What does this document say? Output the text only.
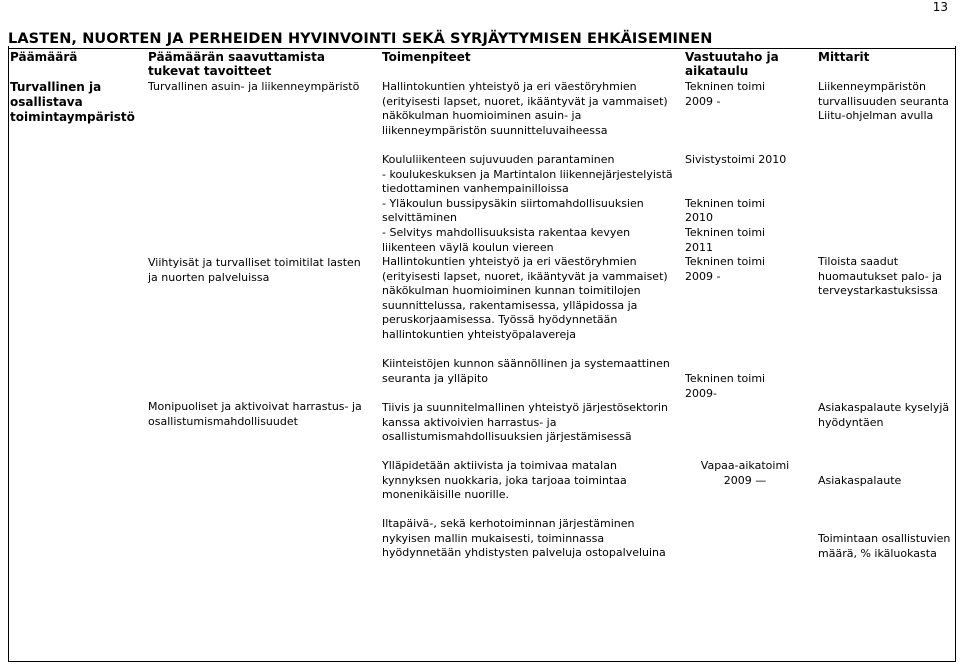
13
LASTEN, NUORTEN JA PERHEIDEN HYVINVOINTI SEKÄ SYRJÄYTYMISEN EHKÄISEMINEN
Päämäärä	Päämäärän saavuttamista tukevat tavoitteet
Toimenpiteet	Vastuutaho ja aikataulu
Mittarit
Turvallinen ja osallistava toimintaympäristö
Turvallinen asuin- ja liikenneympäristö
Viihtyisät ja turvalliset toimitilat lasten ja nuorten palveluissa
Monipuoliset ja aktivoivat harrastus- ja osallistumismahdollisuudet
Hallintokuntien yhteistyö ja eri väestöryhmien (erityisesti lapset, nuoret, ikääntyvät ja vammaiset) näkökulman huomioiminen asuin- ja liikenneympäristön suunnitteluvaiheessa
Koululiikenteen sujuvuuden parantaminen
- koulukeskuksen ja Martintalon liikennejärjestelyistä tiedottaminen vanhempainilloissa
- Yläkoulun bussipysäkin siirtomahdollisuuksien selvittäminen
- Selvitys mahdollisuuksista rakentaa kevyen liikenteen väylä koulun viereen
Hallintokuntien yhteistyö ja eri väestöryhmien (erityisesti lapset, nuoret, ikääntyvät ja vammaiset) näkökulman huomioiminen kunnan toimitilojen suunnittelussa, rakentamisessa, ylläpidossa ja peruskorjaamisessa. Työssä hyödynnetään hallintokuntien yhteistyöpalavereja
Kiinteistöjen kunnon säännöllinen ja systemaattinen seuranta ja ylläpito
Tiivis ja suunnitelmallinen yhteistyö järjestösektorin kanssa aktivoivien harrastus- ja osallistumismahdollisuuksien järjestämisessä
Ylläpidetään aktiivista ja toimivaa matalan kynnyksen nuokkaria, joka tarjoaa toimintaa monenikäisille nuorille.
Iltapäivä-, sekä kerhotoiminnan järjestäminen nykyisen mallin mukaisesti, toiminnassa hyödynnetään yhdistysten palveluja ostopalveluina
Tekninen toimi
2009 -
Sivistystoimi 2010

Tekninen toimi
2010
Tekninen toimi
2011
Tekninen toimi
2009 -
Tekninen toimi
2009-
Vapaa-aikatoimi
2009 —
Liikenneympäristön turvallisuuden seuranta Liitu-ohjelman avulla
Tiloista saadut huomautukset palo- ja terveystarkastuksissa
Asiakaspalaute kyselyjä hyödyntäen
Asiakaspalaute
Toimintaan osallistuvien määrä, % ikäluokasta
